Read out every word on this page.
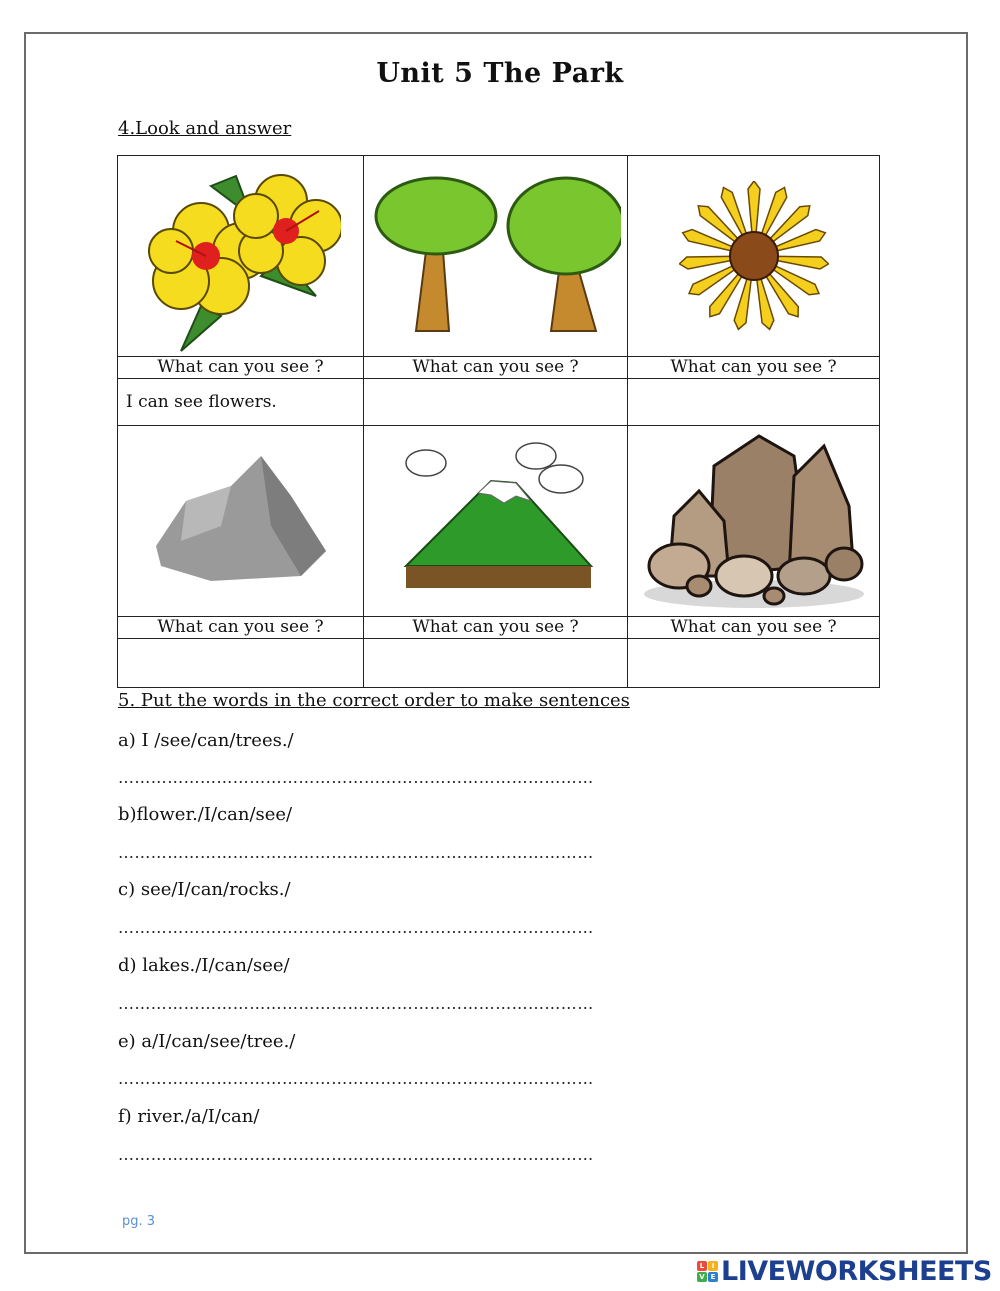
Unit 5 The Park
4.Look and answer

What can you see ?	What can you see ?	What can you see ?
I can see flowers.		

What can you see ?	What can you see ?	What can you see ?

5. Put the words in the correct order to make sentences
a) I /see/can/trees./
……………………………………………………………………………
b)flower./I/can/see/
……………………………………………………………………………
c) see/I/can/rocks./
……………………………………………………………………………
d) lakes./I/can/see/
……………………………………………………………………………
e) a/I/can/see/tree./
……………………………………………………………………………
f) river./a/I/can/
……………………………………………………………………………
pg. 3
L	I
V E LIVEWORKSHEETS
